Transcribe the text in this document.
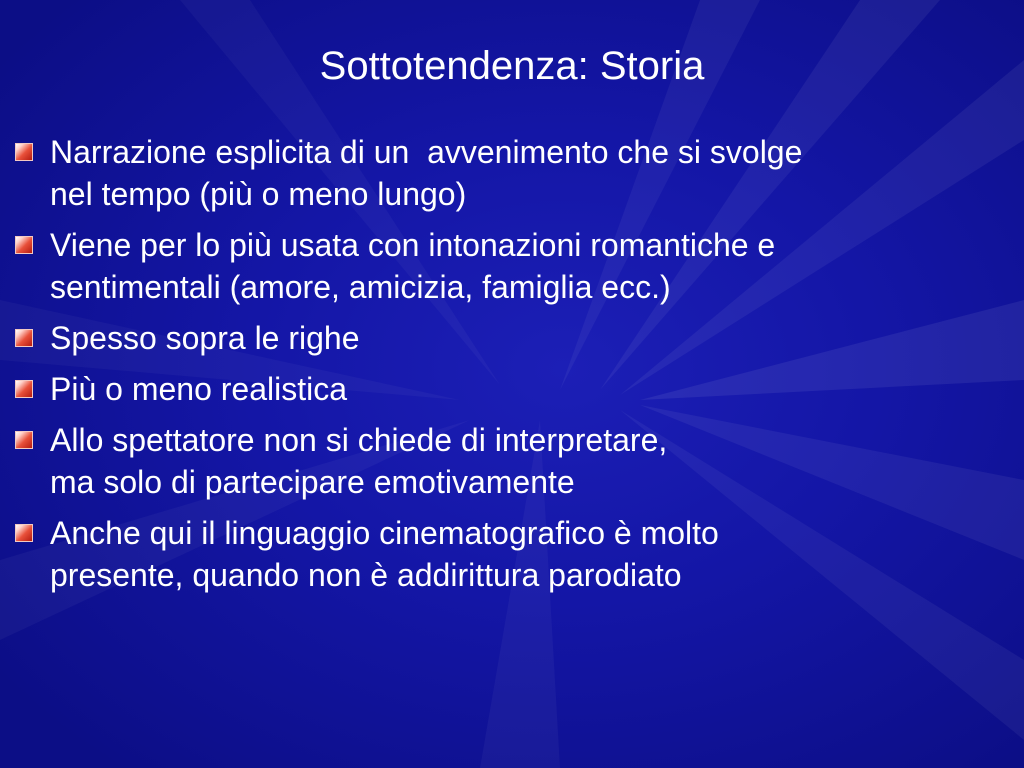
Sottotendenza: Storia
Narrazione esplicita di un  avvenimento che si svolge
nel tempo (più o meno lungo)
Viene per lo più usata con intonazioni romantiche e
sentimentali (amore, amicizia, famiglia ecc.)
Spesso sopra le righe
Più o meno realistica
Allo spettatore non si chiede di interpretare,
ma solo di partecipare emotivamente
Anche qui il linguaggio cinematografico è molto
presente, quando non è addirittura parodiato
